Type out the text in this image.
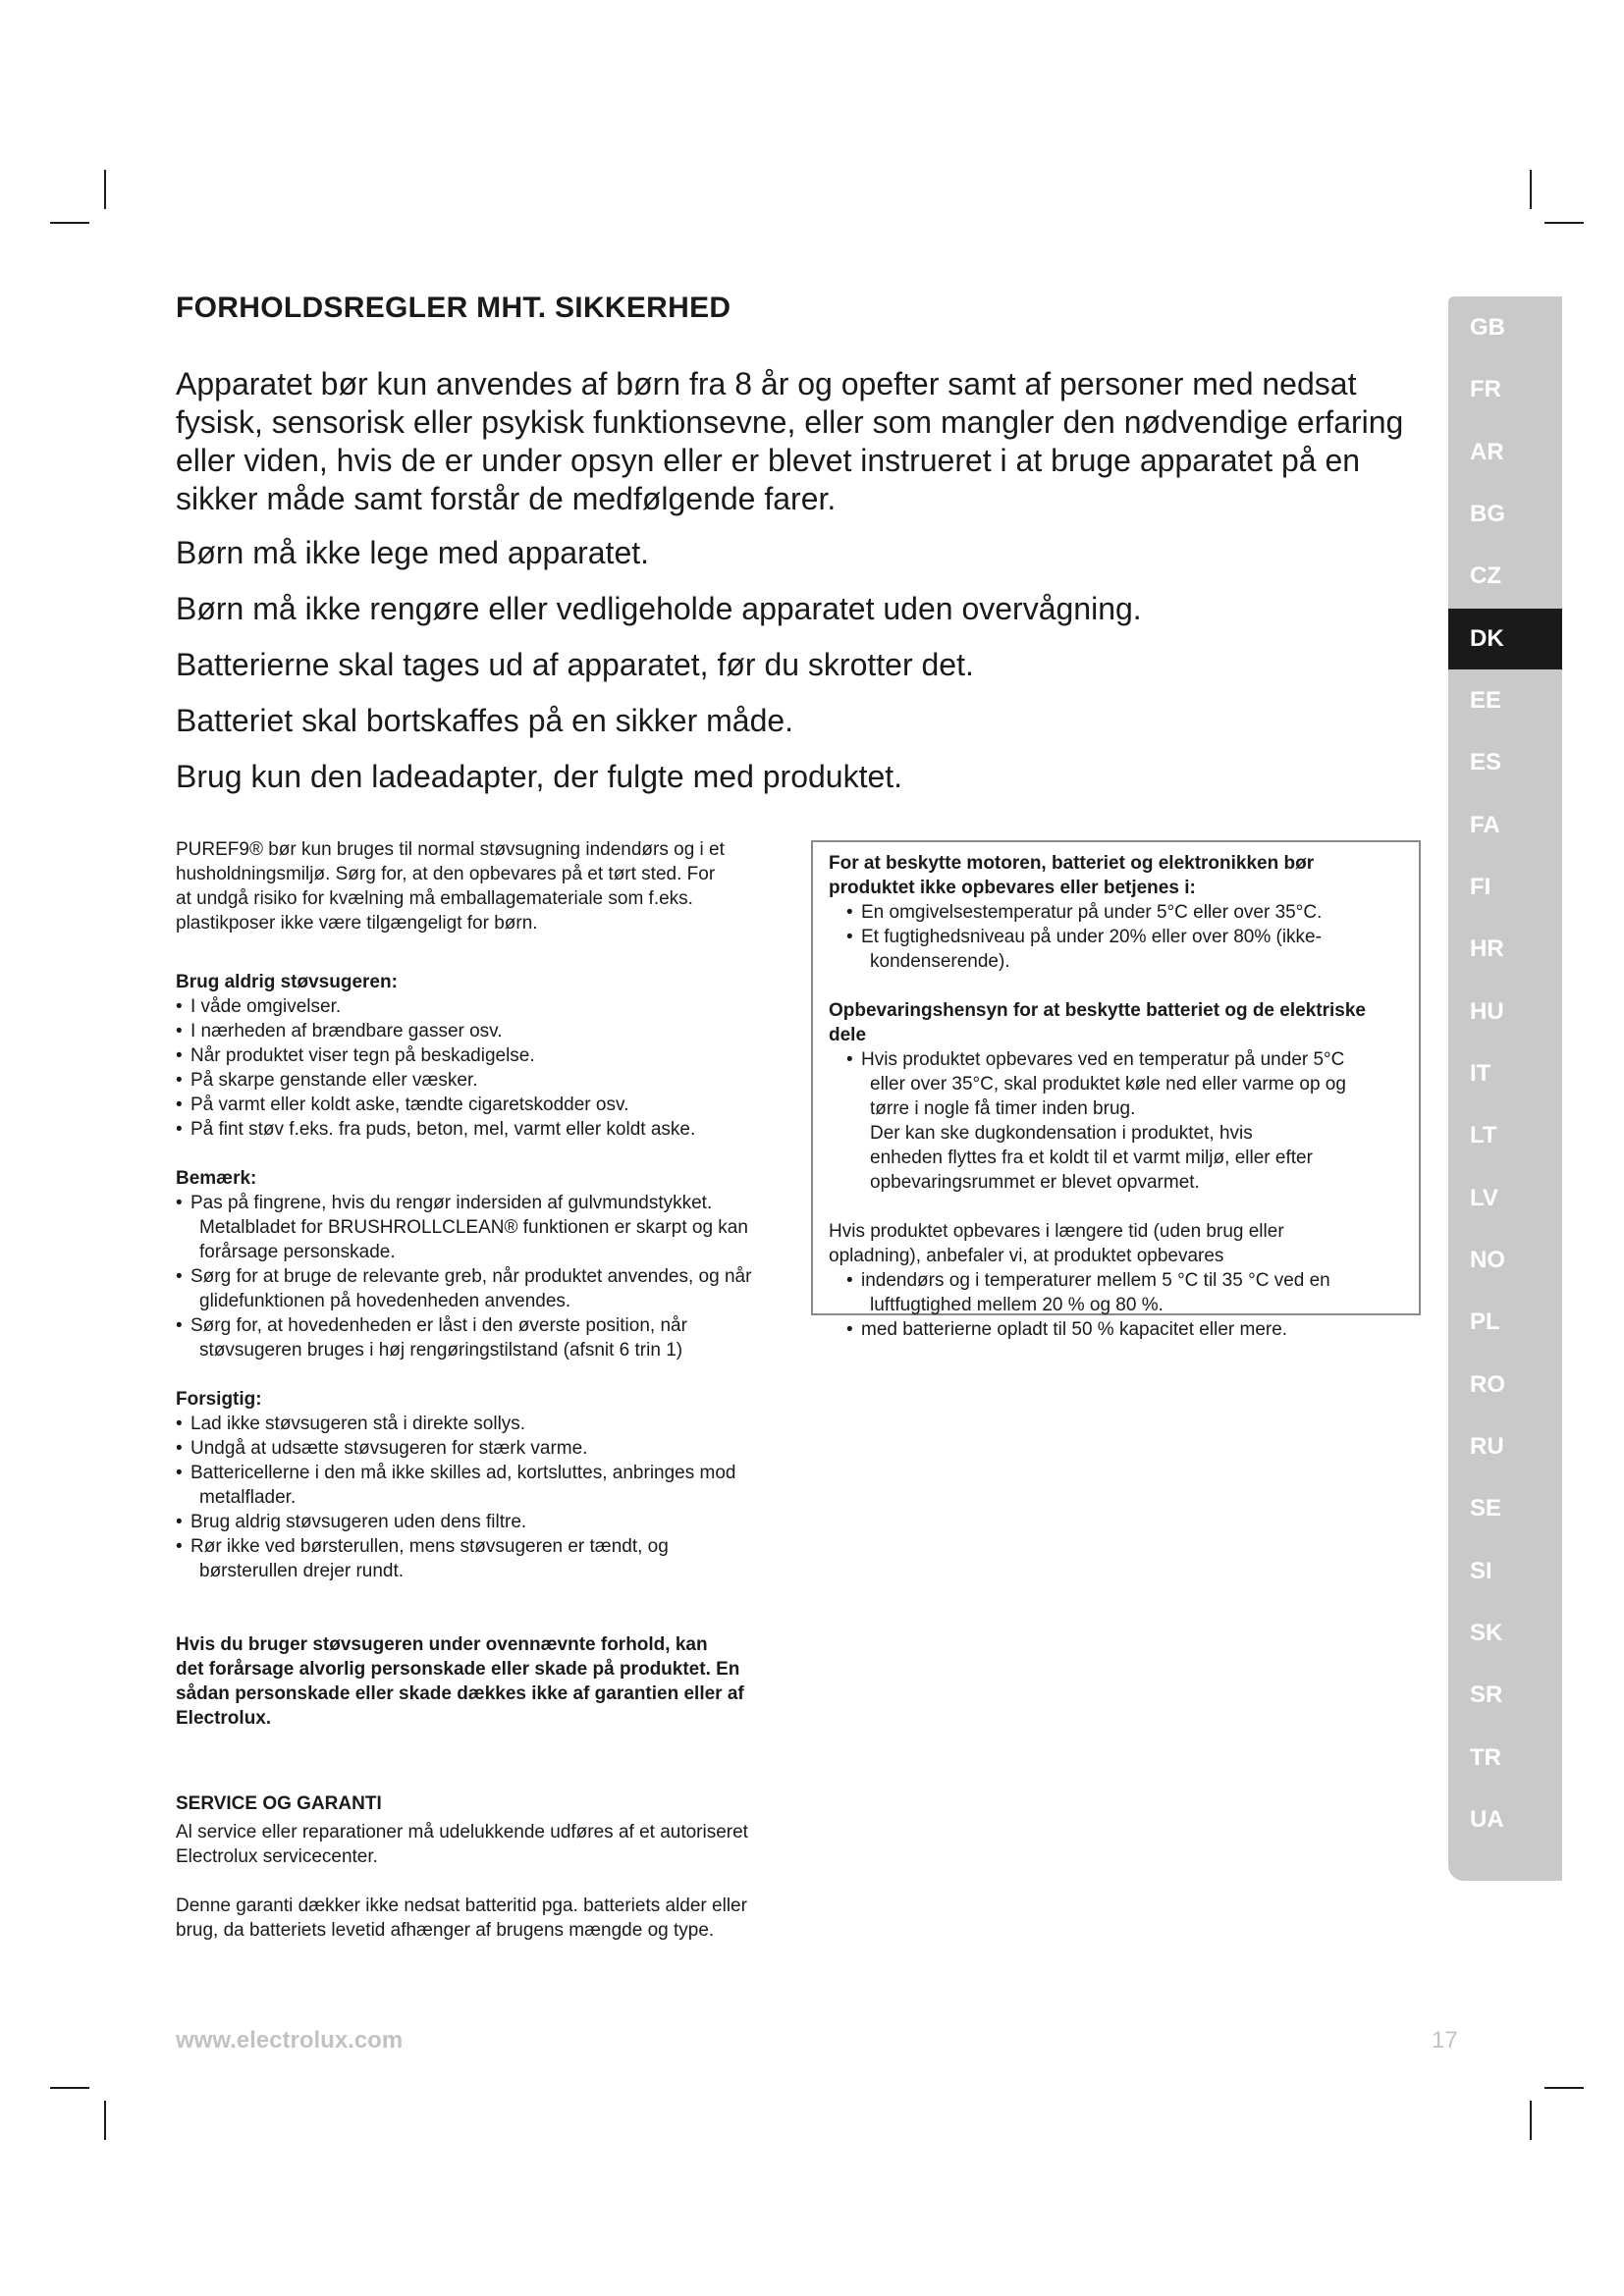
FORHOLDSREGLER MHT. SIKKERHED

Apparatet bør kun anvendes af børn fra 8 år og opefter samt af personer med nedsat fysisk, sensorisk eller psykisk funktionsevne, eller som mangler den nødvendige erfaring eller viden, hvis de er under opsyn eller er blevet instrueret i at bruge apparatet på en sikker måde samt forstår de medfølgende farer.

Børn må ikke lege med apparatet.

Børn må ikke rengøre eller vedligeholde apparatet uden overvågning.

Batterierne skal tages ud af apparatet, før du skrotter det.

Batteriet skal bortskaffes på en sikker måde.

Brug kun den ladeadapter, der fulgte med produktet.

PUREF9® bør kun bruges til normal støvsugning indendørs og i et

husholdningsmiljø. Sørg for, at den opbevares på et tørt sted. For

at undgå risiko for kvælning må emballagemateriale som f.eks.

plastikposer ikke være tilgængeligt for børn.

Brug aldrig støvsugeren:

• I våde omgivelser.
• I nærheden af brændbare gasser osv.
• Når produktet viser tegn på beskadigelse.
• På skarpe genstande eller væsker.
• På varmt eller koldt aske, tændte cigaretskodder osv.
• På fint støv f.eks. fra puds, beton, mel, varmt eller koldt aske.

Bemærk:

• Pas på fingrene, hvis du rengør indersiden af gulvmundstykket.
Metalbladet for BRUSHROLLCLEAN® funktionen er skarpt og kan
forårsage personskade.
• Sørg for at bruge de relevante greb, når produktet anvendes, og når
glidefunktionen på hovedenheden anvendes.
• Sørg for, at hovedenheden er låst i den øverste position, når
støvsugeren bruges i høj rengøringstilstand (afsnit 6 trin 1)

Forsigtig:

• Lad ikke støvsugeren stå i direkte sollys.
• Undgå at udsætte støvsugeren for stærk varme.
• Battericellerne i den må ikke skilles ad, kortsluttes, anbringes mod
metalflader.
• Brug aldrig støvsugeren uden dens filtre.
• Rør ikke ved børsterullen, mens støvsugeren er tændt, og
børsterullen drejer rundt.

Hvis du bruger støvsugeren under ovennævnte forhold, kan

det forårsage alvorlig personskade eller skade på produktet. En

sådan personskade eller skade dækkes ikke af garantien eller af

Electrolux.

SERVICE OG GARANTI

Al service eller reparationer må udelukkende udføres af et autoriseret

Electrolux servicecenter.

Denne garanti dækker ikke nedsat batteritid pga. batteriets alder eller

brug, da batteriets levetid afhænger af brugens mængde og type.

For at beskytte motoren, batteriet og elektronikken bør

produktet ikke opbevares eller betjenes i:

• En omgivelsestemperatur på under 5°C eller over 35°C.
• Et fugtighedsniveau på under 20% eller over 80% (ikke-
kondenserende).

Opbevaringshensyn for at beskytte batteriet og de elektriske dele

• Hvis produktet opbevares ved en temperatur på under 5°C
eller over 35°C, skal produktet køle ned eller varme op og
tørre i nogle få timer inden brug.
Der kan ske dugkondensation i produktet, hvis
enheden flyttes fra et koldt til et varmt miljø, eller efter
opbevaringsrummet er blevet opvarmet.

Hvis produktet opbevares i længere tid (uden brug eller

opladning), anbefaler vi, at produktet opbevares

• indendørs og i temperaturer mellem 5 °C til 35 °C ved en
luftfugtighed mellem 20 % og 80 %.
• med batterierne opladt til 50 % kapacitet eller mere.
GB
FR
AR
BG
CZ
DK
EE
ES
FA
FI
HR
HU
IT
LT
LV
NO
PL
RO
RU
SE
SI
SK
SR
TR
UA
www.electrolux.com	17
